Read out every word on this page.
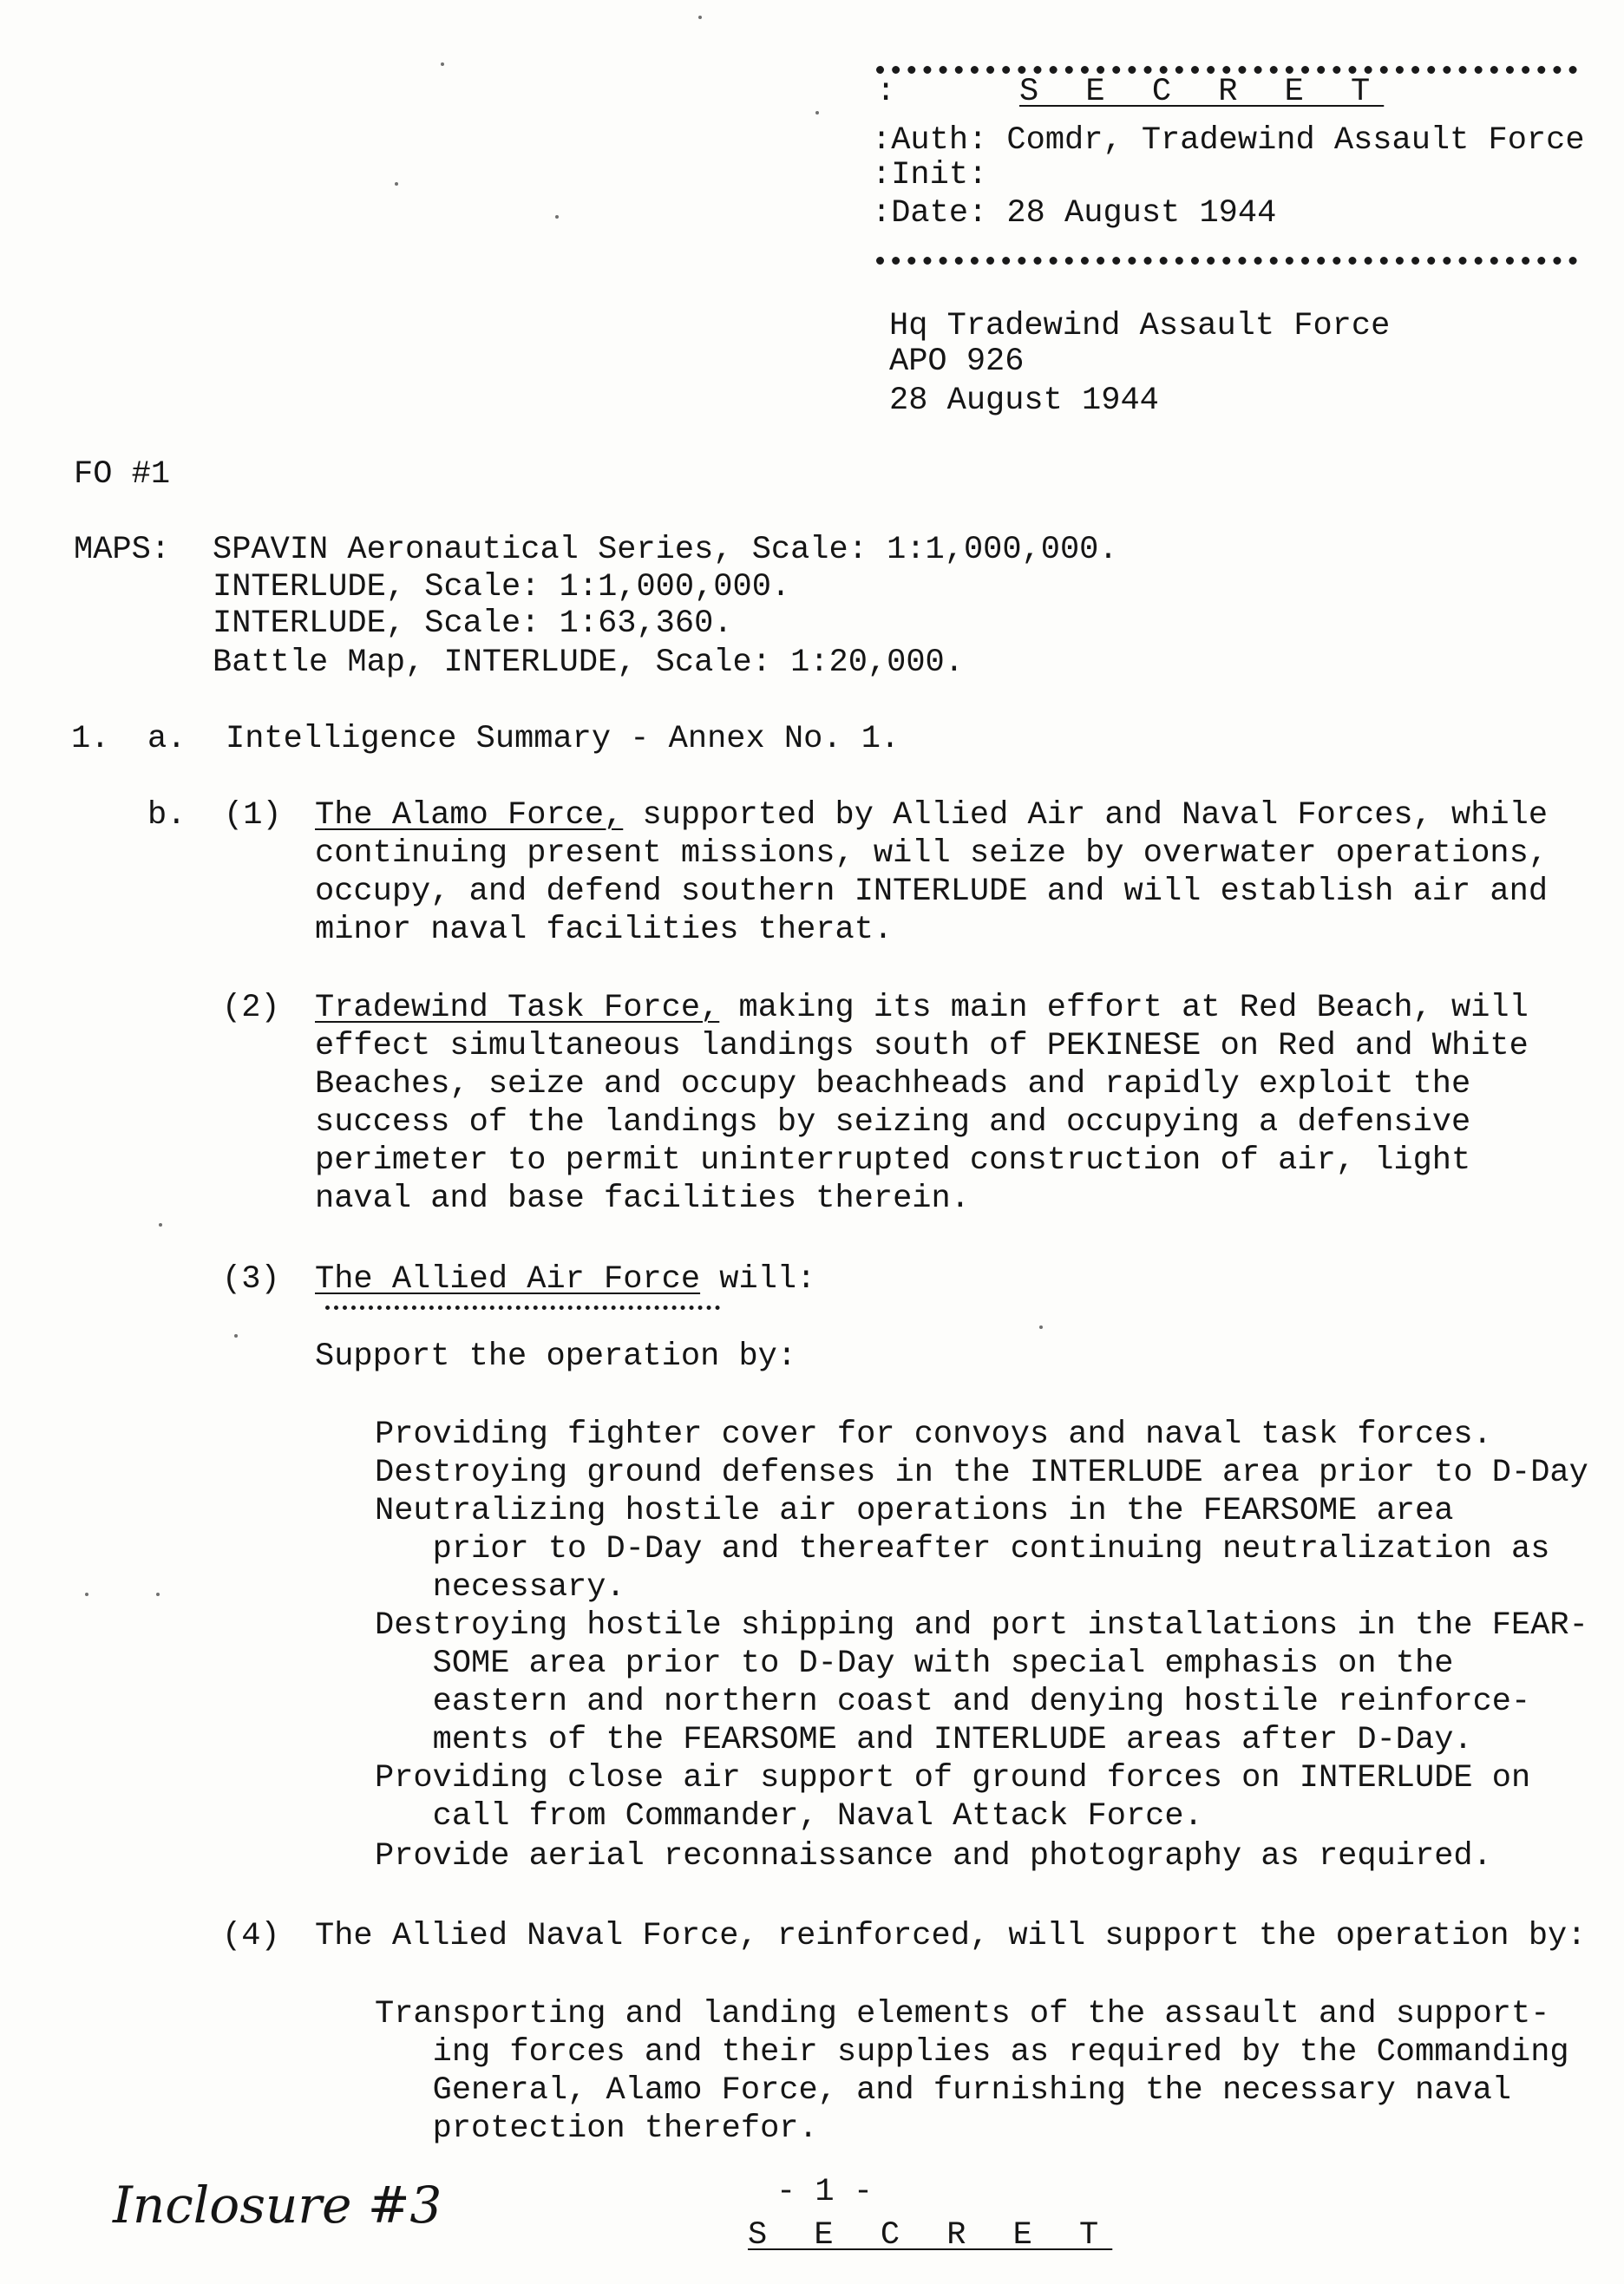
:	S E C R E T
:Auth: Comdr, Tradewind Assault Force
:Init:
:Date: 28 August 1944
Hq Tradewind Assault Force
APO 926
28 August 1944
FO #1
MAPS: SPAVIN Aeronautical Series, Scale: 1:1,000,000.
INTERLUDE, Scale: 1:1,000,000.
INTERLUDE, Scale: 1:63,360.
Battle Map, INTERLUDE, Scale: 1:20,000.
1. a. Intelligence Summary - Annex No. 1.
b. (1) The Alamo Force, supported by Allied Air and Naval Forces, while
continuing present missions, will seize by overwater operations,
occupy, and defend southern INTERLUDE and will establish air and
minor naval facilities therat.
(2) Tradewind Task Force, making its main effort at Red Beach, will
effect simultaneous landings south of PEKINESE on Red and White
Beaches, seize and occupy beachheads and rapidly exploit the
success of the landings by seizing and occupying a defensive
perimeter to permit uninterrupted construction of air, light
naval and base facilities therein.
(3) The Allied Air Force will:
Support the operation by:
Providing fighter cover for convoys and naval task forces.
Destroying ground defenses in the INTERLUDE area prior to D-Day
Neutralizing hostile air operations in the FEARSOME area
prior to D-Day and thereafter continuing neutralization as
necessary.
Destroying hostile shipping and port installations in the FEAR-
SOME area prior to D-Day with special emphasis on the
eastern and northern coast and denying hostile reinforce-
ments of the FEARSOME and INTERLUDE areas after D-Day.
Providing close air support of ground forces on INTERLUDE on
call from Commander, Naval Attack Force.
Provide aerial reconnaissance and photography as required.
(4) The Allied Naval Force, reinforced, will support the operation by:
Transporting and landing elements of the assault and support-
ing forces and their supplies as required by the Commanding
General, Alamo Force, and furnishing the necessary naval
protection therefor.
- 1 -
S E C R E T
Inclosure #3
